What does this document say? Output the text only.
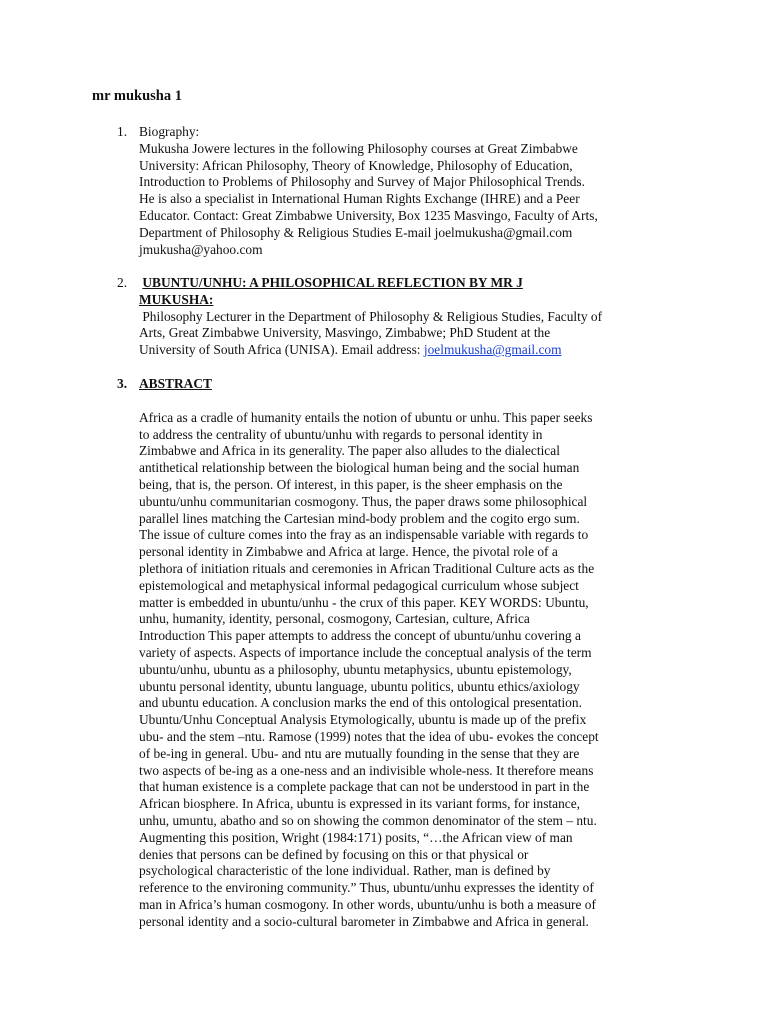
mr mukusha 1
1. Biography:

Mukusha Jowere lectures in the following Philosophy courses at Great Zimbabwe

University: African Philosophy, Theory of Knowledge, Philosophy of Education,

Introduction to Problems of Philosophy and Survey of Major Philosophical Trends.

He is also a specialist in International Human Rights Exchange (IHRE) and a Peer

Educator. Contact: Great Zimbabwe University, Box 1235 Masvingo, Faculty of Arts,

Department of Philosophy & Religious Studies E-mail joelmukusha@gmail.com

jmukusha@yahoo.com

2. UBUNTU/UNHU: A PHILOSOPHICAL REFLECTION BY MR J

MUKUSHA:

Philosophy Lecturer in the Department of Philosophy & Religious Studies, Faculty of

Arts, Great Zimbabwe University, Masvingo, Zimbabwe; PhD Student at the

University of South Africa (UNISA). Email address: joelmukusha@gmail.com

3. ABSTRACT

Africa as a cradle of humanity entails the notion of ubuntu or unhu. This paper seeks

to address the centrality of ubuntu/unhu with regards to personal identity in

Zimbabwe and Africa in its generality. The paper also alludes to the dialectical

antithetical relationship between the biological human being and the social human

being, that is, the person. Of interest, in this paper, is the sheer emphasis on the

ubuntu/unhu communitarian cosmogony. Thus, the paper draws some philosophical

parallel lines matching the Cartesian mind-body problem and the cogito ergo sum.

The issue of culture comes into the fray as an indispensable variable with regards to

personal identity in Zimbabwe and Africa at large. Hence, the pivotal role of a

plethora of initiation rituals and ceremonies in African Traditional Culture acts as the

epistemological and metaphysical informal pedagogical curriculum whose subject

matter is embedded in ubuntu/unhu - the crux of this paper. KEY WORDS: Ubuntu,

unhu, humanity, identity, personal, cosmogony, Cartesian, culture, Africa

Introduction This paper attempts to address the concept of ubuntu/unhu covering a

variety of aspects. Aspects of importance include the conceptual analysis of the term

ubuntu/unhu, ubuntu as a philosophy, ubuntu metaphysics, ubuntu epistemology,

ubuntu personal identity, ubuntu language, ubuntu politics, ubuntu ethics/axiology

and ubuntu education. A conclusion marks the end of this ontological presentation.

Ubuntu/Unhu Conceptual Analysis Etymologically, ubuntu is made up of the prefix

ubu- and the stem –ntu. Ramose (1999) notes that the idea of ubu- evokes the concept

of be-ing in general. Ubu- and ntu are mutually founding in the sense that they are

two aspects of be-ing as a one-ness and an indivisible whole-ness. It therefore means

that human existence is a complete package that can not be understood in part in the

African biosphere. In Africa, ubuntu is expressed in its variant forms, for instance,

unhu, umuntu, abatho and so on showing the common denominator of the stem – ntu.

Augmenting this position, Wright (1984:171) posits, “…the African view of man

denies that persons can be defined by focusing on this or that physical or

psychological characteristic of the lone individual. Rather, man is defined by

reference to the environing community.” Thus, ubuntu/unhu expresses the identity of

man in Africa’s human cosmogony. In other words, ubuntu/unhu is both a measure of

personal identity and a socio-cultural barometer in Zimbabwe and Africa in general.
